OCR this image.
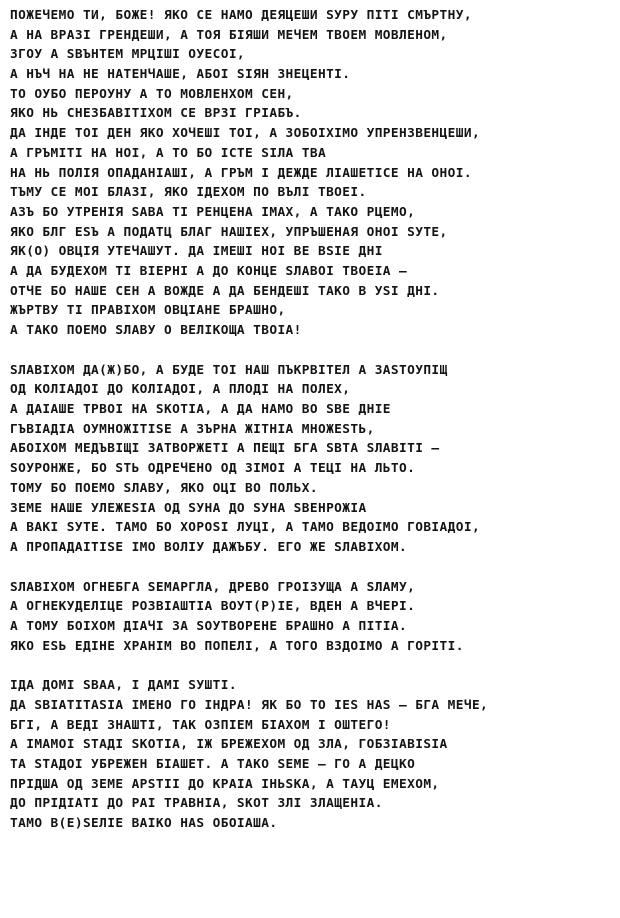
ПОЖЕЧЕМО ТИ, БОЖЕ! ЯКО СЕ НАМО ДЕЯЦЕШИ ЅУРУ ПІТІ СМЪРТНУ,
А НА ВРАЗІ ГРЕНДЕШИ, А ТОЯ БІЯШИ МЕЧЕМ ТВОЕМ МОВЛЕНОМ,
ЗГОУ А ЅВЪНТЕМ МРЦІШІ ОУЕСОІ,
А НЪЧ НА НЕ НАТЕНЧАШЕ, АБОІ ЅІЯН ЗНЕЦЕНТІ.
ТО ОУБО ПЕРОУНУ А ТО МОВЛЕНХОМ СЕН,
ЯКО НЬ СНЕЗБАВІТІХОМ СЕ ВРЗІ ГРІАБЪ.
ДА ІНДЕ ТОІ ДЕН ЯКО ХОЧЕШІ ТОІ, А ЗОБОІХІМО УПРЕНЗВЕНЦЕШИ,
А ГРЪМІТІ НА НОІ, А ТО БО ІСТЕ ЅІЛА ТВА
НА НЬ ПОЛІЯ ОПАДАНІАШІ, А ГРЪМ І ДЕЖДЕ ЛІАШЕТІСЕ НА ОНОІ.
ТЪМУ СЕ МОІ БЛАЗІ, ЯКО ІДЕХОМ ПО ВЪЛІ ТВОЕІ.
АЗЪ БО УТРЕНІЯ ЅАВА ТІ РЕНЦЕНА ІМАХ, А ТАКО РЦЕМО,
ЯКО БЛГ ЕЅЪ А ПОДАТЦ БЛАГ НАШІЕХ, УПРЪШЕНАЯ ОНОІ ЅУТЕ,
ЯК(О) ОВЦІЯ УТЕЧАШУТ. ДА ІМЕШІ НОІ ВЕ ВЅІЕ ДНІ
А ДА БУДЕХОМ ТІ ВІЕРНІ А ДО КОНЦЕ ЅЛАВОІ ТВОЕІА –
ОТЧЕ БО НАШЕ СЕН А ВОЖДЕ А ДА БЕНДЕШІ ТАКО В УЅІ ДНІ.
ЖЪРТВУ ТІ ПРАВІХОМ ОВЦІАНЕ БРАШНО,
А ТАКО ПОЕМО ЅЛАВУ О ВЕЛІКОЩА ТВОІА!
ЅЛАВІХОМ ДА(Ж)БО, А БУДЕ ТОІ НАШ ПЪКРВІТЕЛ А ЗАЅТОУПІЩ
ОД КОЛІАДОІ ДО КОЛІАДОІ, А ПЛОДІ НА ПОЛЕХ,
А ДАІАШЕ ТРВОІ НА ЅКОТІА, А ДА НАМО ВО ЅВЕ ДНІЕ
ГЪВІАДІА ОУМНОЖІТІЅЕ А ЗЪРНА ЖІТНІА МНОЖЕЅТЬ,
АБОІХОМ МЕДЪВІЩІ ЗАТВОРЖЕТІ А ПЕЩІ БГА ЅВТА ЅЛАВІТІ –
ЅОУРОНЖЕ, БО ЅТЬ ОДРЕЧЕНО ОД ЗІМОІ А ТЕЦІ НА ЛЬТО.
ТОМУ БО ПОЕМО ЅЛАВУ, ЯКО ОЦІ ВО ПОЛЬХ.
ЗЕМЕ НАШЕ УЛЕЖЕЅІА ОД ЅУНА ДО ЅУНА ЅВЕНРОЖІА
А ВАКІ ЅУТЕ. ТАМО БО ХОРОЅІ ЛУЦІ, А ТАМО ВЕДОІМО ГОВІАДОІ,
А ПРОПАДАІТІЅЕ ІМО ВОЛІУ ДАЖЪБУ. ЕГО ЖЕ ЅЛАВІХОМ.
ЅЛАВІХОМ ОГНЕБГА ЅЕМАРГЛА, ДРЕВО ГРОІЗУЩА А ЅЛАМУ,
А ОГНЕКУДЕЛІЦЕ РОЗВІАШТІА ВОУТ(Р)ІЕ, ВДЕН А ВЧЕРІ.
А ТОМУ БОІХОМ ДІАЧІ ЗА ЅОУТВОРЕНЕ БРАШНО А ПІТІА.
ЯКО ЕЅЬ ЕДІНЕ ХРАНІМ ВО ПОПЕЛІ, А ТОГО ВЗДОІМО А ГОРІТІ.
ІДА ДОМІ ЅВАА, І ДАМІ ЅУШТІ.
ДА ЅВІАТІТАЅІА ІМЕНО ГО ІНДРА! ЯК БО ТО ІЕЅ НАЅ – БГА МЕЧЕ,
БГІ, А ВЕДІ ЗНАШТІ, ТАК ОЗПІЕМ БІАХОМ І ОШТЕГО!
А ІМАМОІ ЅТАДІ ЅКОТІА, ІЖ БРЕЖЕХОМ ОД ЗЛА, ГОБЗІАВІЅІА
ТА ЅТАДОІ УБРЕЖЕН БІАШЕТ. А ТАКО ЅЕМЕ – ГО А ДЕЦКО
ПРІДША ОД ЗЕМЕ АРЅТІІ ДО КРАІА ІНЬЅКА, А ТАУЦ ЕМЕХОМ,
ДО ПРІДІАТІ ДО РАІ ТРАВНІА, ЅКОТ ЗЛІ ЗЛАЩЕНІА.
ТАМО В(Е)ЅЕЛІЕ ВАІКО НАЅ ОБОІАША.
